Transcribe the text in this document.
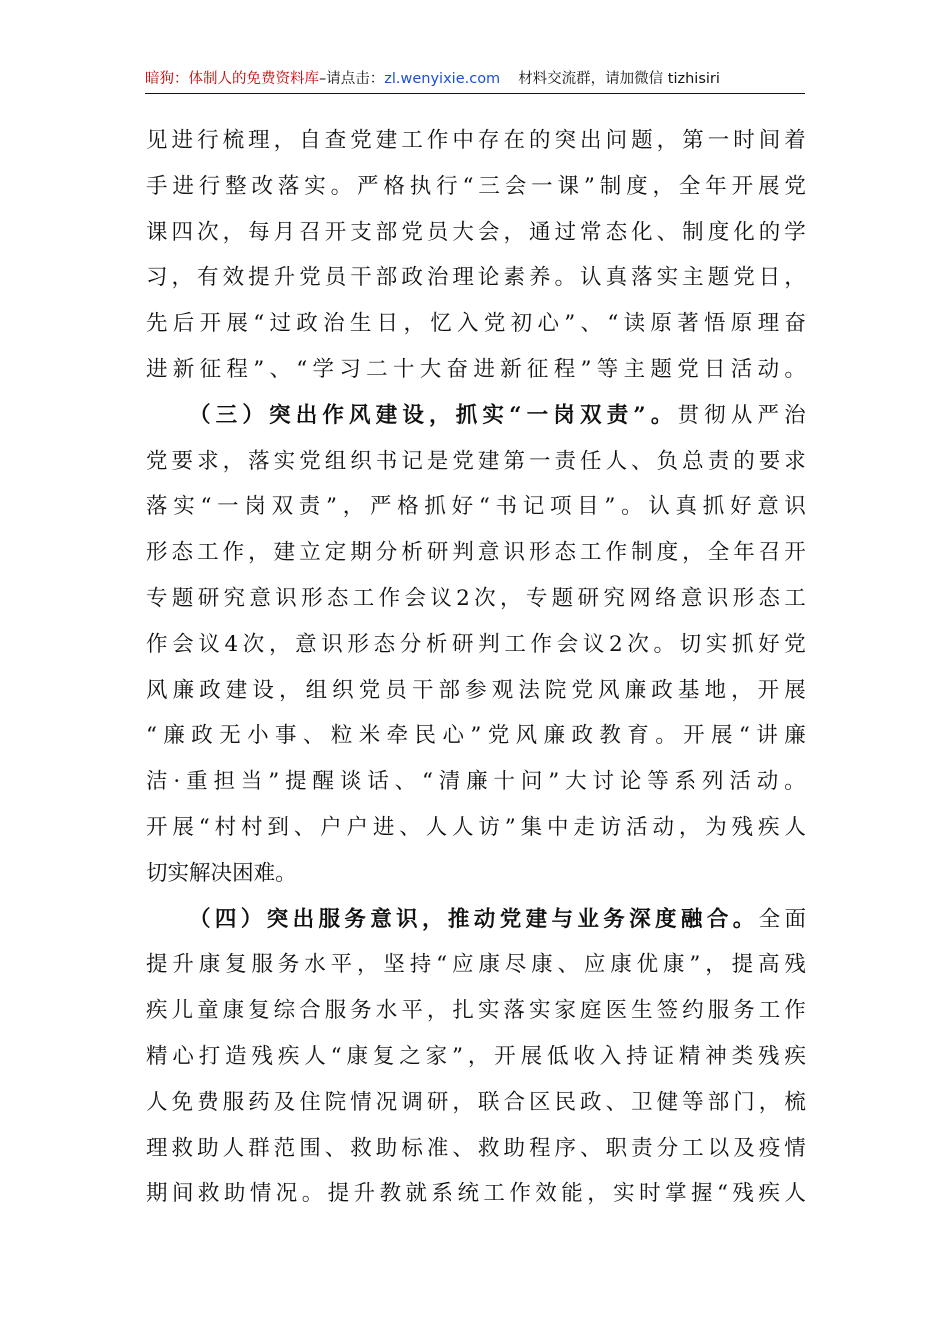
暗狗：体制人的免费资料库–请点击：zl.wenyixie.com 材料交流群，请加微信 tizhisiri
见 进 行 梳 理 ， 自 查 党 建 工 作 中 存 在 的 突 出 问 题 ， 第 一 时 间 着
手 进 行 整 改 落 实 。 严 格 执 行 “ 三 会 一 课 ” 制 度 ， 全 年 开 展 党
课 四 次 ， 每 月 召 开 支 部 党 员 大 会 ， 通 过 常 态 化 、 制 度 化 的 学
习 ， 有 效 提 升 党 员 干 部 政 治 理 论 素 养 。 认 真 落 实 主 题 党 日 ，
先 后 开 展 “ 过 政 治 生 日 ， 忆 入 党 初 心 ” 、 “ 读 原 著 悟 原 理 奋
进 新 征 程 ” 、 “ 学 习 二 十 大 奋 进 新 征 程 ” 等 主 题 党 日 活 动 。
（ 三 ） 突 出 作 风 建 设 ， 抓 实 “ 一 岗 双 责 ” 。 贯 彻 从 严 治
党 要 求 ， 落 实 党 组 织 书 记 是 党 建 第 一 责 任 人 、 负 总 责 的 要 求
落 实 “ 一 岗 双 责 ” ， 严 格 抓 好 “ 书 记 项 目 ” 。 认 真 抓 好 意 识
形 态 工 作 ， 建 立 定 期 分 析 研 判 意 识 形 态 工 作 制 度 ， 全 年 召 开
专 题 研 究 意 识 形 态 工 作 会 议 2 次 ， 专 题 研 究 网 络 意 识 形 态 工
作 会 议 4 次 ， 意 识 形 态 分 析 研 判 工 作 会 议 2 次 。 切 实 抓 好 党
风 廉 政 建 设 ， 组 织 党 员 干 部 参 观 法 院 党 风 廉 政 基 地 ， 开 展
“ 廉 政 无 小 事 、 粒 米 牵 民 心 ” 党 风 廉 政 教 育 。 开 展 “ 讲 廉
洁 · 重 担 当 ” 提 醒 谈 话 、 “ 清 廉 十 问 ” 大 讨 论 等 系 列 活 动 。
开 展 “ 村 村 到 、 户 户 进 、 人 人 访 ” 集 中 走 访 活 动 ， 为 残 疾 人
切 实 解 决 困 难 。
（ 四 ） 突 出 服 务 意 识 ， 推 动 党 建 与 业 务 深 度 融 合 。 全 面
提 升 康 复 服 务 水 平 ， 坚 持 “ 应 康 尽 康 、 应 康 优 康 ” ， 提 高 残
疾 儿 童 康 复 综 合 服 务 水 平 ， 扎 实 落 实 家 庭 医 生 签 约 服 务 工 作
精 心 打 造 残 疾 人 “ 康 复 之 家 ” ， 开 展 低 收 入 持 证 精 神 类 残 疾
人 免 费 服 药 及 住 院 情 况 调 研 ， 联 合 区 民 政 、 卫 健 等 部 门 ， 梳
理 救 助 人 群 范 围 、 救 助 标 准 、 救 助 程 序 、 职 责 分 工 以 及 疫 情
期 间 救 助 情 况 。 提 升 教 就 系 统 工 作 效 能 ， 实 时 掌 握 “ 残 疾 人
